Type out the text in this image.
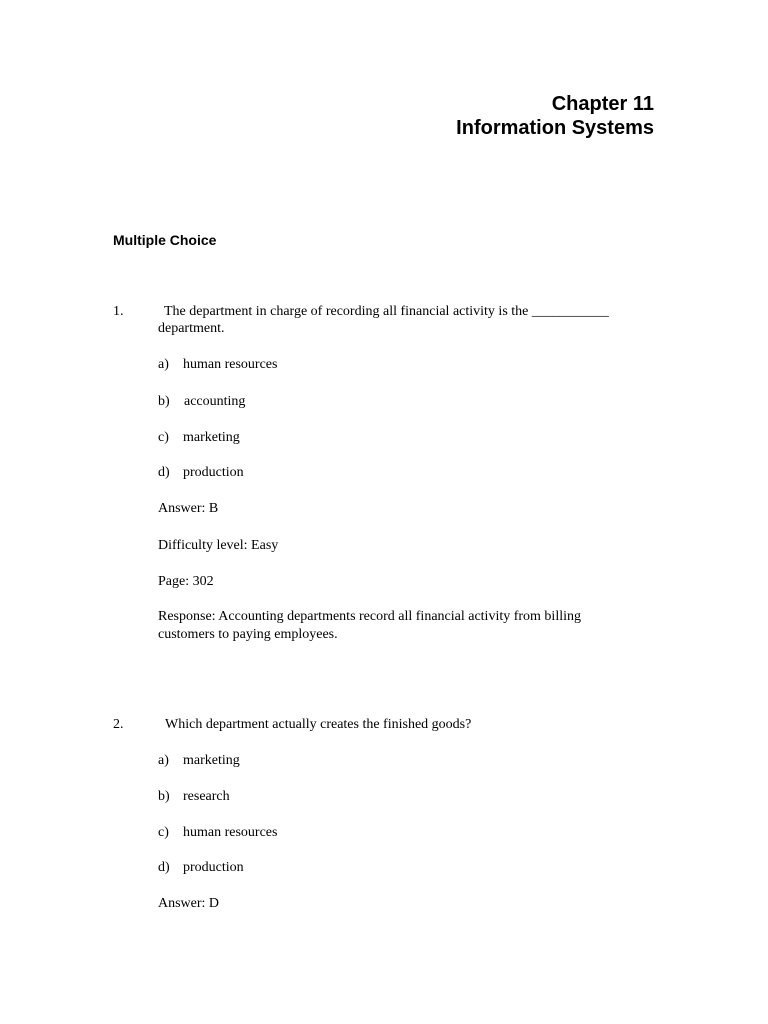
Chapter 11
Information Systems
Multiple Choice
1.	The department in charge of recording all financial activity is the ___________
department.
a) human resources
b) accounting
c) marketing
d) production
Answer: B
Difficulty level: Easy
Page: 302
Response: Accounting departments record all financial activity from billing
customers to paying employees.
2.	Which department actually creates the finished goods?
a) marketing
b) research
c) human resources
d) production
Answer: D
